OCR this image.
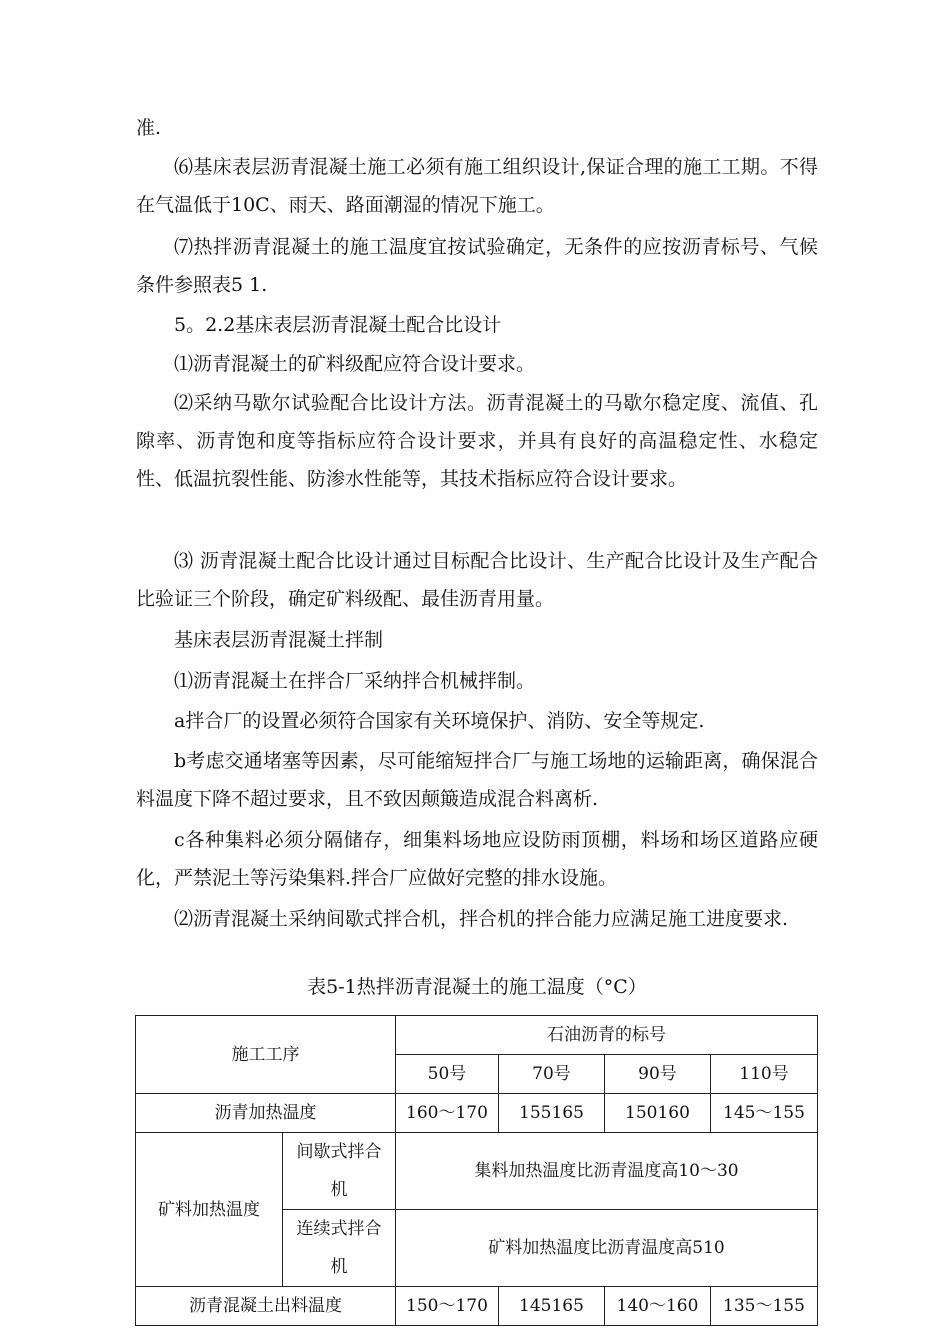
准.

⑹基床表层沥青混凝土施工必须有施工组织设计,保证合理的施工工期。不得在气温低于10C、雨天、路面潮湿的情况下施工。

⑺热拌沥青混凝土的施工温度宜按试验确定，无条件的应按沥青标号、气候条件参照表5 1.

5。2.2基床表层沥青混凝土配合比设计

⑴沥青混凝土的矿料级配应符合设计要求。

⑵采纳马歇尔试验配合比设计方法。沥青混凝土的马歇尔稳定度、流值、孔隙率、沥青饱和度等指标应符合设计要求，并具有良好的高温稳定性、水稳定性、低温抗裂性能、防渗水性能等，其技术指标应符合设计要求。

⑶ 沥青混凝土配合比设计通过目标配合比设计、生产配合比设计及生产配合比验证三个阶段，确定矿料级配、最佳沥青用量。

基床表层沥青混凝土拌制

⑴沥青混凝土在拌合厂采纳拌合机械拌制。

a拌合厂的设置必须符合国家有关环境保护、消防、安全等规定.

b考虑交通堵塞等因素，尽可能缩短拌合厂与施工场地的运输距离，确保混合料温度下降不超过要求，且不致因颠簸造成混合料离析.

c各种集料必须分隔储存，细集料场地应设防雨顶棚，料场和场区道路应硬化，严禁泥土等污染集料.拌合厂应做好完整的排水设施。

⑵沥青混凝土采纳间歇式拌合机，拌合机的拌合能力应满足施工进度要求.

表5-1热拌沥青混凝土的施工温度（°C）
施工工序		石油沥青的标号			
		50号	70号	90号	110号
沥青加热温度		160〜170	155165	150160	145〜155
矿料加热温度	间歇式拌合机	集料加热温度比沥青温度高10〜30			
	连续式拌合机	矿料加热温度比沥青温度高510			
沥青混凝土出料温度		150〜170	145165	140〜160	135〜155
